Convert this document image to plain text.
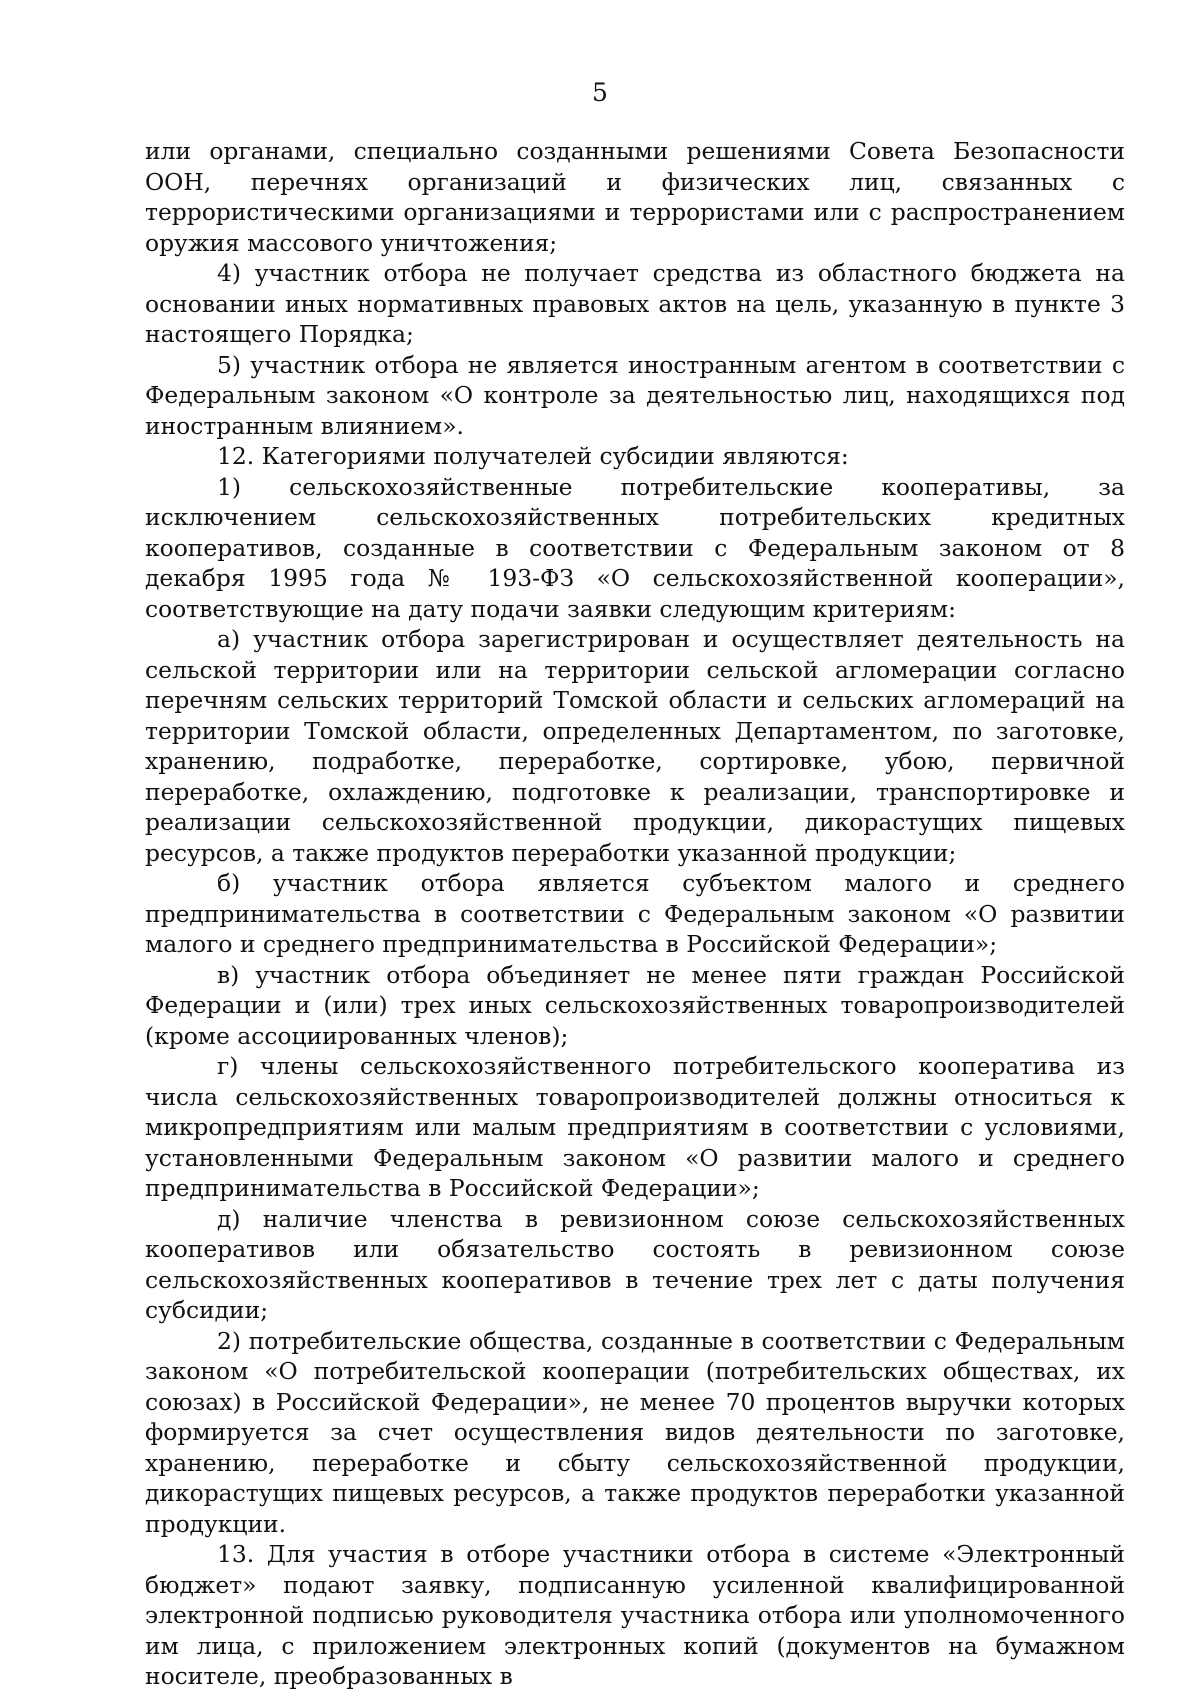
5

или органами, специально созданными решениями Совета Безопасности ООН, перечнях организаций и физических лиц, связанных с террористическими организациями и террористами или с распространением оружия массового уничтожения;

4) участник отбора не получает средства из областного бюджета на основании иных нормативных правовых актов на цель, указанную в пункте 3 настоящего Порядка;

5) участник отбора не является иностранным агентом в соответствии с Федеральным законом «О контроле за деятельностью лиц, находящихся под иностранным влиянием».

12. Категориями получателей субсидии являются:

1) сельскохозяйственные потребительские кооперативы, за исключением сельскохозяйственных потребительских кредитных кооперативов, созданные в соответствии с Федеральным законом от 8 декабря 1995 года № 193-ФЗ «О сельскохозяйственной кооперации», соответствующие на дату подачи заявки следующим критериям:

а) участник отбора зарегистрирован и осуществляет деятельность на сельской территории или на территории сельской агломерации согласно перечням сельских территорий Томской области и сельских агломераций на территории Томской области, определенных Департаментом, по заготовке, хранению, подработке, переработке, сортировке, убою, первичной переработке, охлаждению, подготовке к реализации, транспортировке и реализации сельскохозяйственной продукции, дикорастущих пищевых ресурсов, а также продуктов переработки указанной продукции;

б) участник отбора является субъектом малого и среднего предпринимательства в соответствии с Федеральным законом «О развитии малого и среднего предпринимательства в Российской Федерации»;

в) участник отбора объединяет не менее пяти граждан Российской Федерации и (или) трех иных сельскохозяйственных товаропроизводителей (кроме ассоциированных членов);

г) члены сельскохозяйственного потребительского кооператива из числа сельскохозяйственных товаропроизводителей должны относиться к микропредприятиям или малым предприятиям в соответствии с условиями, установленными Федеральным законом «О развитии малого и среднего предпринимательства в Российской Федерации»;

д) наличие членства в ревизионном союзе сельскохозяйственных кооперативов или обязательство состоять в ревизионном союзе сельскохозяйственных кооперативов в течение трех лет с даты получения субсидии;

2) потребительские общества, созданные в соответствии с Федеральным законом «О потребительской кооперации (потребительских обществах, их союзах) в Российской Федерации», не менее 70 процентов выручки которых формируется за счет осуществления видов деятельности по заготовке, хранению, переработке и сбыту сельскохозяйственной продукции, дикорастущих пищевых ресурсов, а также продуктов переработки указанной продукции.

13. Для участия в отборе участники отбора в системе «Электронный бюджет» подают заявку, подписанную усиленной квалифицированной электронной подписью руководителя участника отбора или уполномоченного им лица, с приложением электронных копий (документов на бумажном носителе, преобразованных в
